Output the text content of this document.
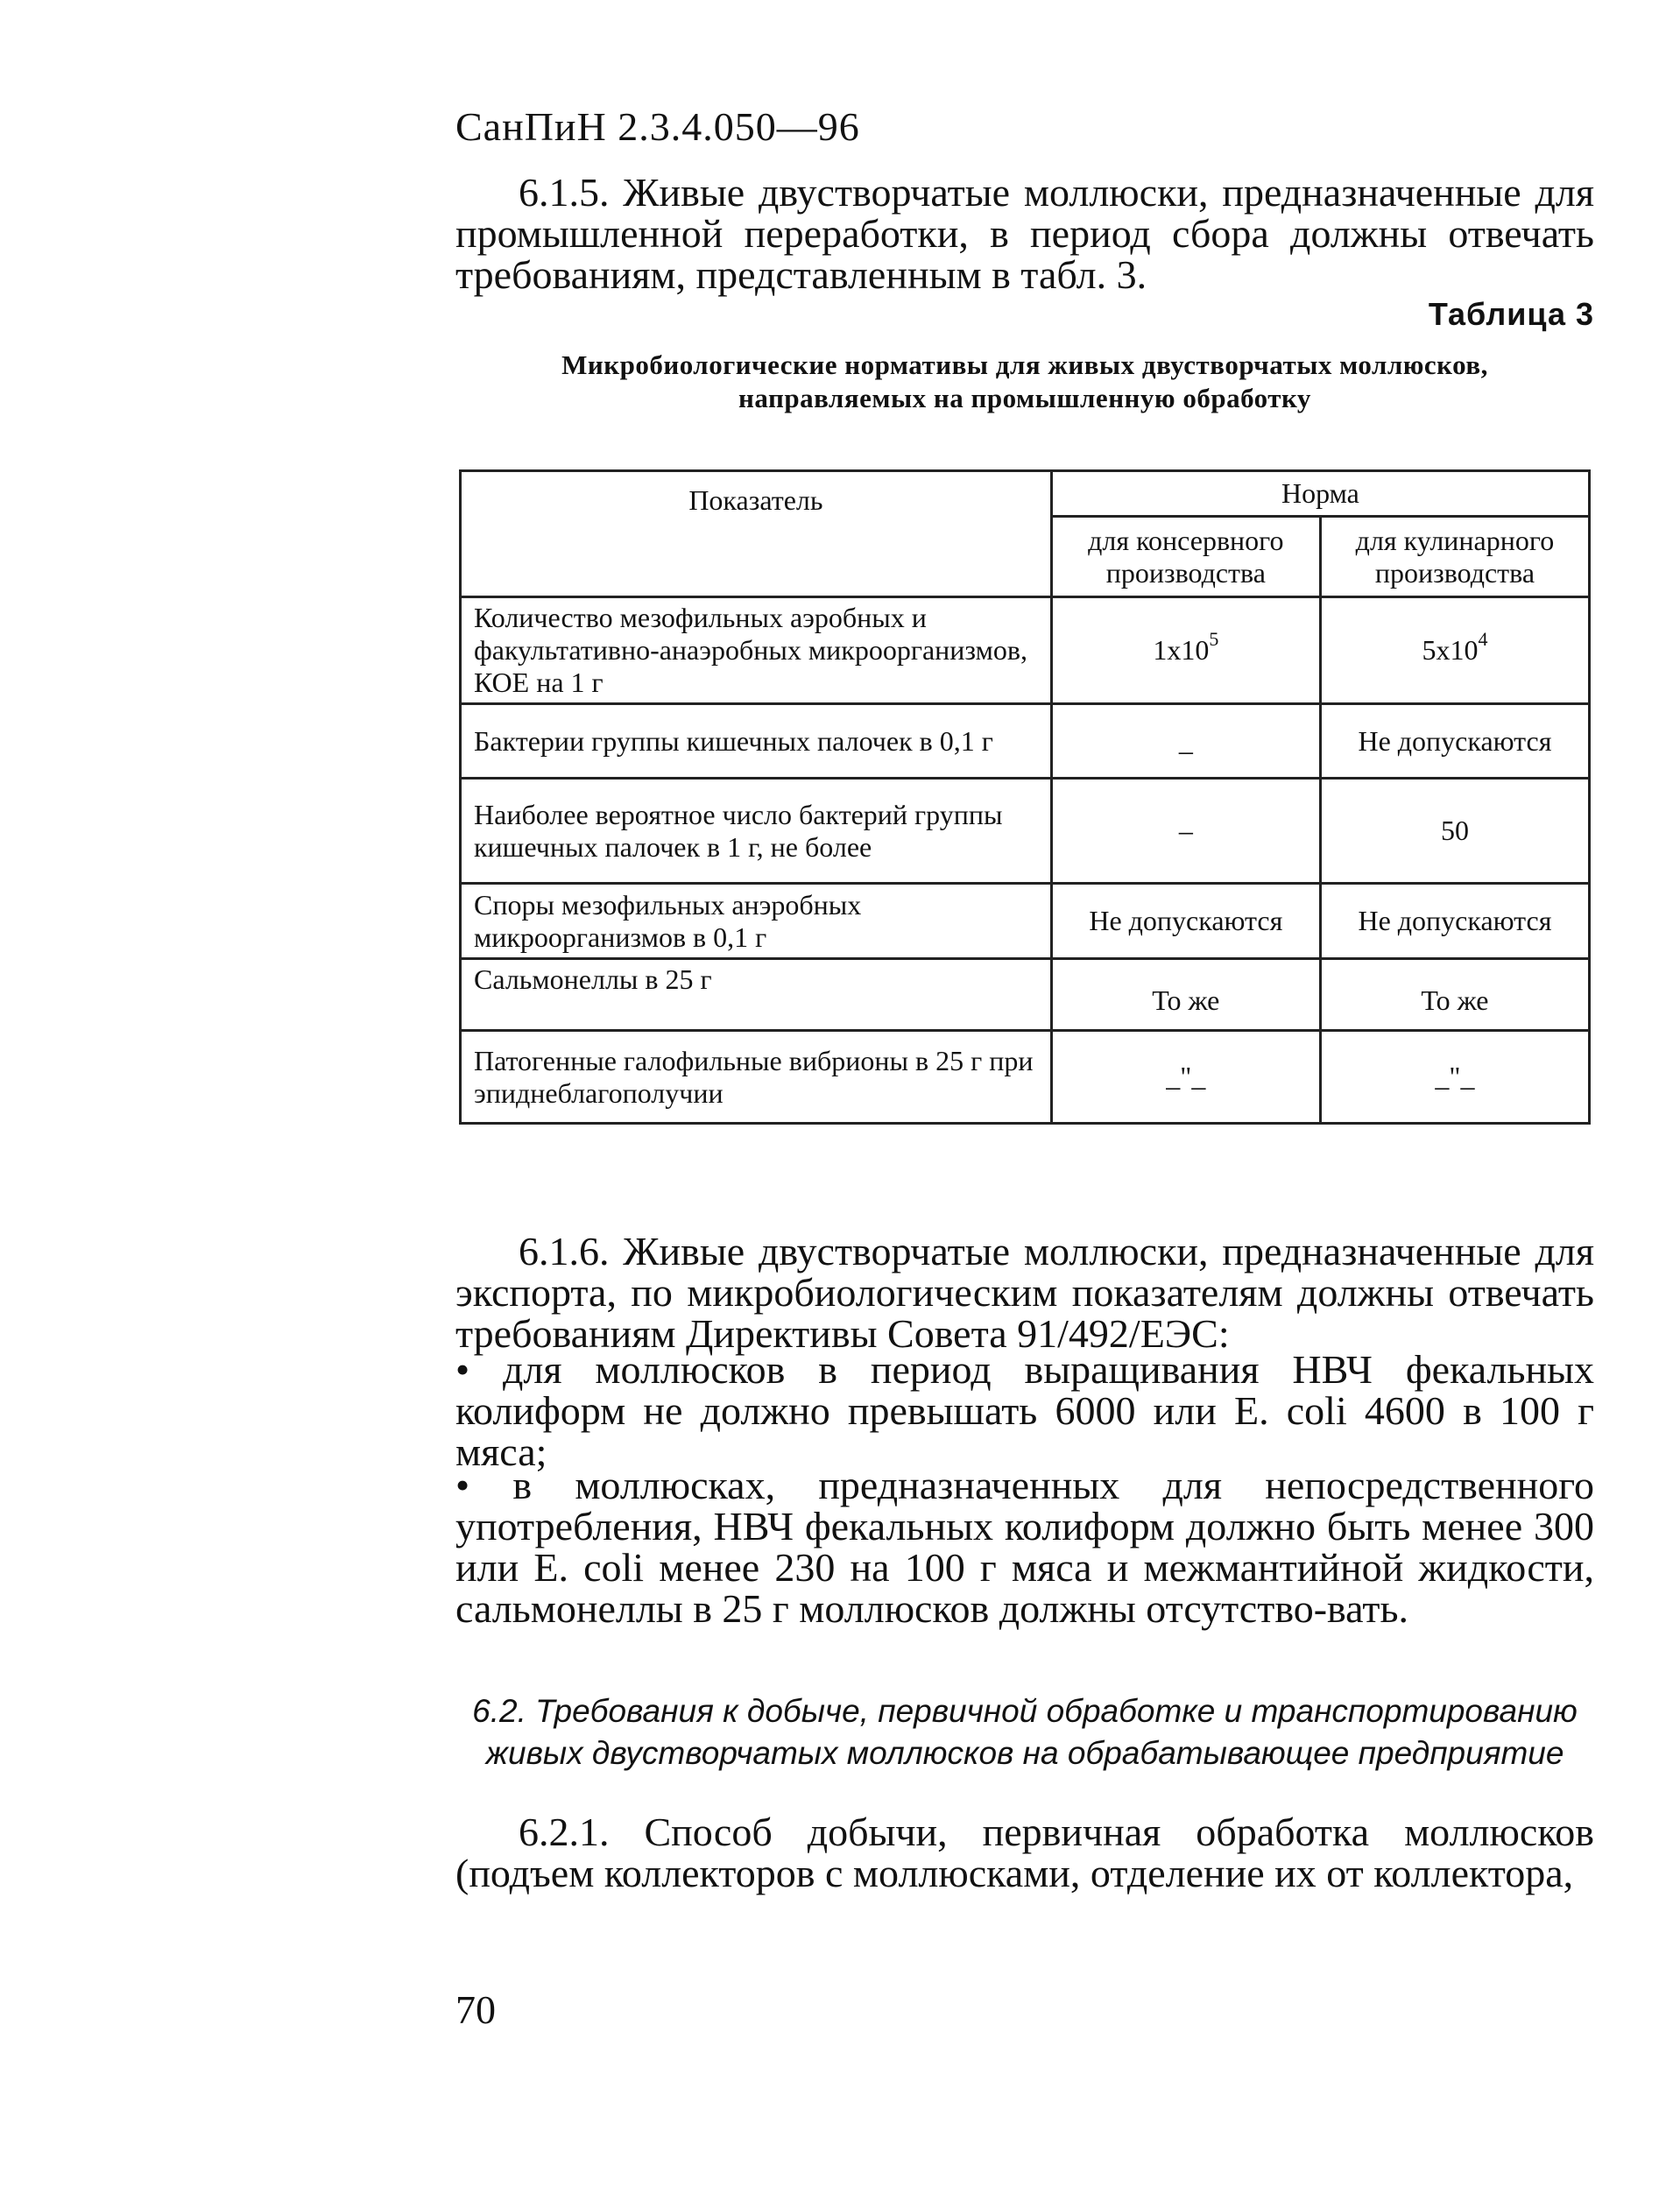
СанПиН 2.3.4.050—96
6.1.5. Живые двустворчатые моллюски, предназначенные для промышленной переработки, в период сбора должны отвечать требованиям, представленным в табл. 3.
Таблица 3
Микробиологические нормативы для живых двустворчатых моллюсков,
направляемых на промышленную обработку
Показатель	Норма	
	для консервного производства	для кулинарного производства
Количество мезофильных аэробных и факультативно-анаэробных микроорганизмов, КОЕ на 1 г	$1x10^5$	$5x10^4$
Бактерии группы кишечных палочек в 0,1 г	_	Не допускаются
Наиболее вероятное число бактерий группы кишечных палочек в 1 г, не более	–	50
Споры мезофильных анэробных микроорганизмов в 0,1 г	Не допускаются	Не допускаются
Сальмонеллы в 25 г	То же	То же
Патогенные галофильные вибрионы в 25 г при эпиднеблагополучии	_"_	_"_
6.1.6. Живые двустворчатые моллюски, предназначенные для экспорта, по микробиологическим показателям должны отвечать требованиям Директивы Совета 91/492/ЕЭС:
• для моллюсков в период выращивания НВЧ фекальных колиформ не должно превышать 6000 или E. coli 4600 в 100 г мяса;
• в моллюсках, предназначенных для непосредственного употребления, НВЧ фекальных колиформ должно быть менее 300 или E. coli менее 230 на 100 г мяса и межмантийной жидкости, сальмонеллы в 25 г моллюсков должны отсутство-вать.
6.2. Требования к добыче, первичной обработке и транспортированию
живых двустворчатых моллюсков на обрабатывающее предприятие
6.2.1. Способ добычи, первичная обработка моллюсков (подъем коллекторов с моллюсками, отделение их от коллектора,
70
